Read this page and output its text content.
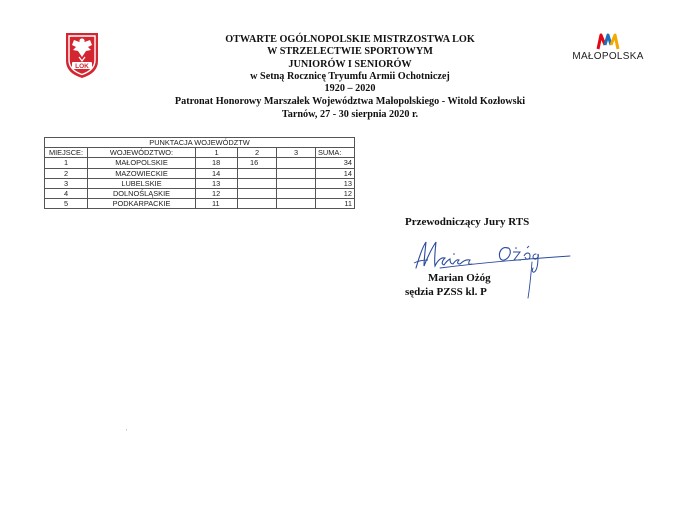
LOK
MAŁOPOLSKA
OTWARTE OGÓLNOPOLSKIE MISTRZOSTWA LOK
W STRZELECTWIE SPORTOWYM
JUNIORÓW I SENIORÓW
w Setną Rocznicę Tryumfu Armii Ochotniczej
1920 – 2020
Patronat Honorowy Marszałek Województwa Małopolskiego - Witold Kozłowski
Tarnów, 27 - 30 sierpnia 2020 r.
PUNKTACJA WOJEWÓDZTW					
MIEJSCE:	WOJEWÓDZTWO:	1	2	3	SUMA:
1	MAŁOPOLSKIE	18	16		34
2	MAZOWIECKIE	14			14
3	LUBELSKIE	13			13
4	DOLNOŚLĄSKIE	12			12
5	PODKARPACKIE	11			11
Przewodniczący Jury RTS
Marian Ożóg
sędzia PZSS kl. P
'
